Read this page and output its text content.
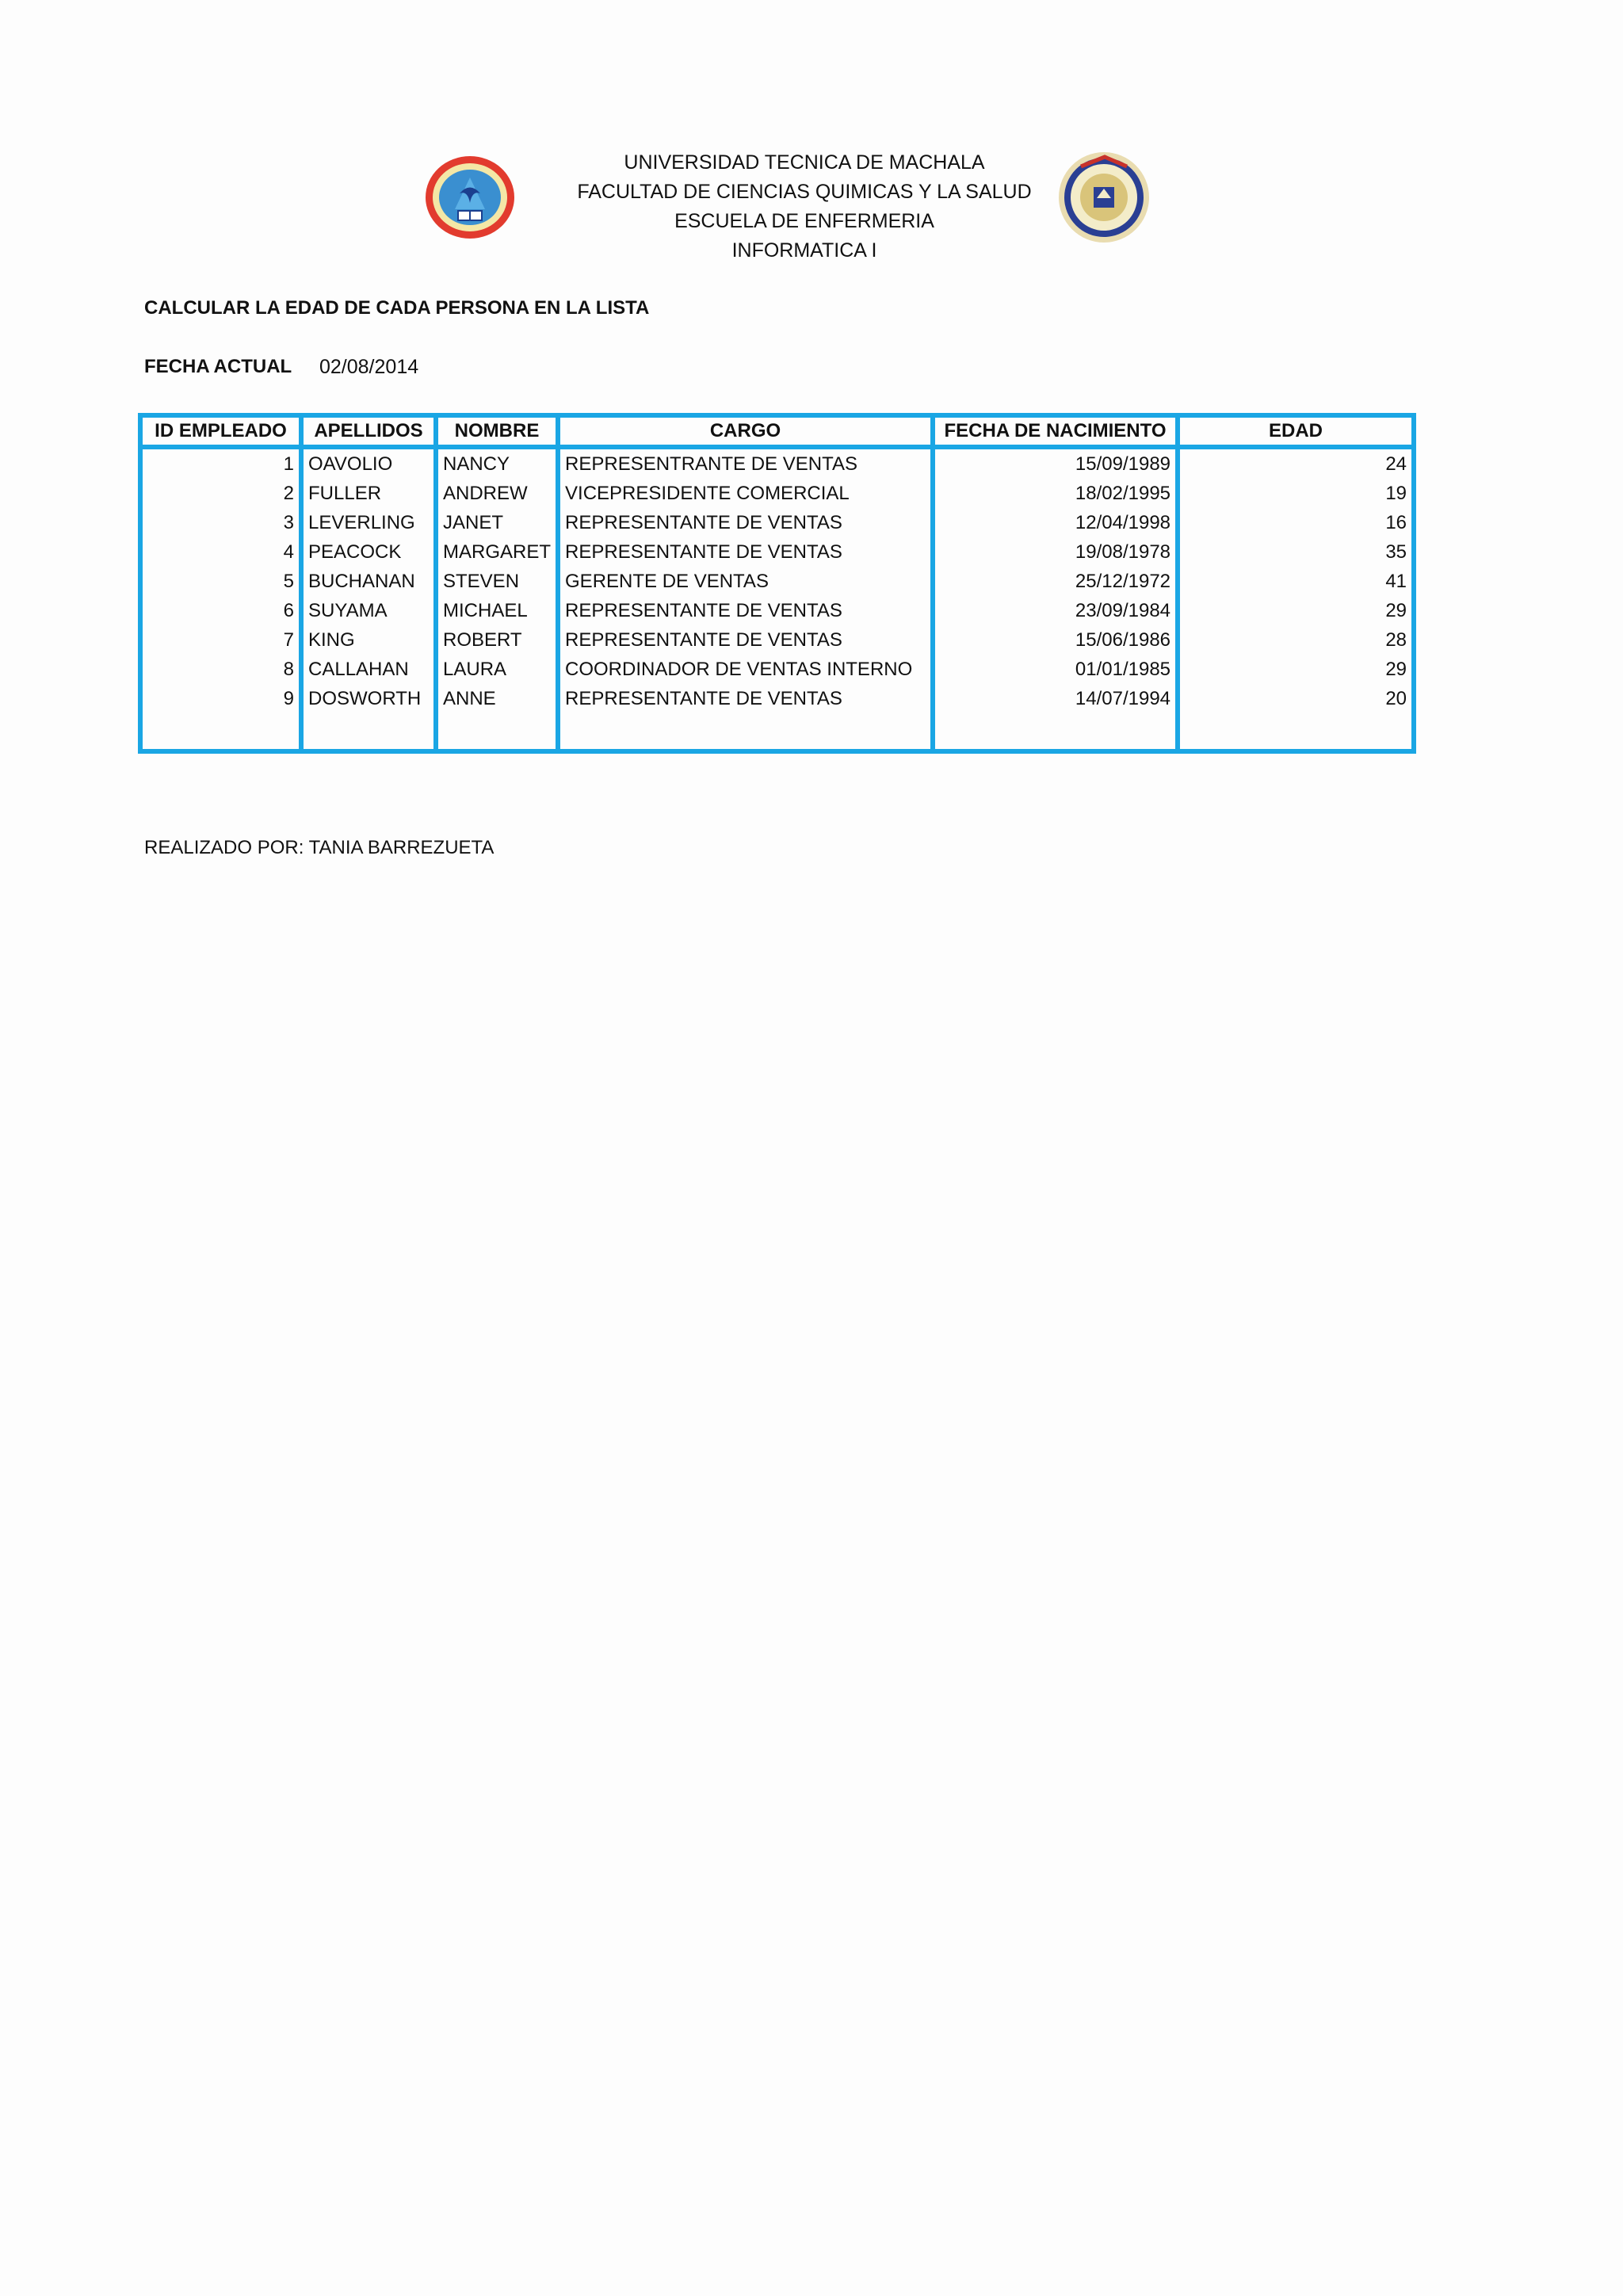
UNIVERSIDAD TECNICA DE MACHALA
FACULTAD DE CIENCIAS QUIMICAS Y LA SALUD
ESCUELA DE ENFERMERIA
INFORMATICA I
CALCULAR LA EDAD DE CADA PERSONA EN LA LISTA
FECHA ACTUAL 02/08/2014
ID EMPLEADO	APELLIDOS	NOMBRE	CARGO	FECHA DE NACIMIENTO	EDAD
1	OAVOLIO	NANCY	REPRESENTRANTE DE VENTAS	15/09/1989	24
2	FULLER	ANDREW	VICEPRESIDENTE COMERCIAL	18/02/1995	19
3	LEVERLING	JANET	REPRESENTANTE DE VENTAS	12/04/1998	16
4	PEACOCK	MARGARET	REPRESENTANTE DE VENTAS	19/08/1978	35
5	BUCHANAN	STEVEN	GERENTE DE VENTAS	25/12/1972	41
6	SUYAMA	MICHAEL	REPRESENTANTE DE VENTAS	23/09/1984	29
7	KING	ROBERT	REPRESENTANTE DE VENTAS	15/06/1986	28
8	CALLAHAN	LAURA	COORDINADOR DE VENTAS INTERNO	01/01/1985	29
9	DOSWORTH	ANNE	REPRESENTANTE DE VENTAS	14/07/1994	20

REALIZADO POR: TANIA BARREZUETA
